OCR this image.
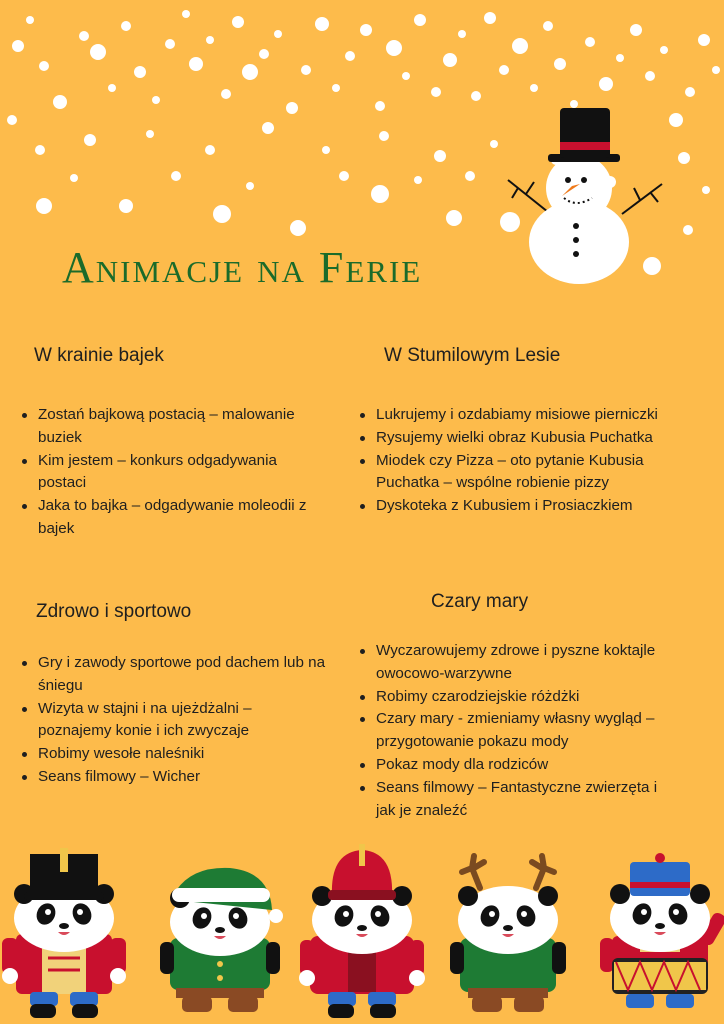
Animacje na Ferie
W krainie bajek
Zostań bajkową postacią – malowanie buziek
Kim jestem – konkurs odgadywania postaci
Jaka to bajka – odgadywanie moleodii z bajek
W Stumilowym Lesie
Lukrujemy i ozdabiamy misiowe pierniczki
Rysujemy wielki obraz Kubusia Puchatka
Miodek czy Pizza – oto pytanie Kubusia Puchatka – wspólne robienie pizzy
Dyskoteka z Kubusiem i Prosiaczkiem
Zdrowo i sportowo
Gry i zawody sportowe pod dachem lub na śniegu
Wizyta w stajni i na ujeżdżalni – poznajemy konie i ich zwyczaje
Robimy wesołe naleśniki
Seans filmowy – Wicher
Czary mary
Wyczarowujemy zdrowe i pyszne koktajle owocowo-warzywne
Robimy czarodziejskie różdżki
Czary mary - zmieniamy własny wygląd – przygotowanie pokazu mody
Pokaz mody dla rodziców
Seans filmowy – Fantastyczne zwierzęta i jak je znaleźć
